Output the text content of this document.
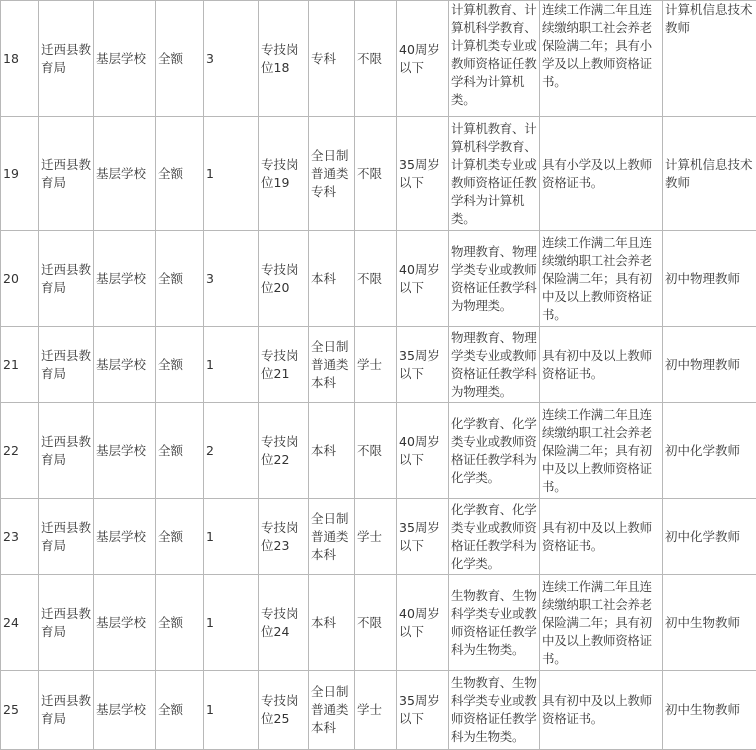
18	迁西县教育局	基层学校	全额	3	专技岗位18	专科	不限	40周岁以下	计算机教育、计算机科学教育、计算机类专业或教师资格证任教学科为计算机类。	连续工作满二年且连续缴纳职工社会养老保险满二年；具有小学及以上教师资格证书。	计算机信息技术教师
19	迁西县教育局	基层学校	全额	1	专技岗位19	全日制普通类专科	不限	35周岁以下	计算机教育、计算机科学教育、计算机类专业或教师资格证任教学科为计算机类。	具有小学及以上教师资格证书。	计算机信息技术教师
20	迁西县教育局	基层学校	全额	3	专技岗位20	本科	不限	40周岁以下	物理教育、物理学类专业或教师资格证任教学科为物理类。	连续工作满二年且连续缴纳职工社会养老保险满二年；具有初中及以上教师资格证书。	初中物理教师
21	迁西县教育局	基层学校	全额	1	专技岗位21	全日制普通类本科	学士	35周岁以下	物理教育、物理学类专业或教师资格证任教学科为物理类。	具有初中及以上教师资格证书。	初中物理教师
22	迁西县教育局	基层学校	全额	2	专技岗位22	本科	不限	40周岁以下	化学教育、化学类专业或教师资格证任教学科为化学类。	连续工作满二年且连续缴纳职工社会养老保险满二年；具有初中及以上教师资格证书。	初中化学教师
23	迁西县教育局	基层学校	全额	1	专技岗位23	全日制普通类本科	学士	35周岁以下	化学教育、化学类专业或教师资格证任教学科为化学类。	具有初中及以上教师资格证书。	初中化学教师
24	迁西县教育局	基层学校	全额	1	专技岗位24	本科	不限	40周岁以下	生物教育、生物科学类专业或教师资格证任教学科为生物类。	连续工作满二年且连续缴纳职工社会养老保险满二年；具有初中及以上教师资格证书。	初中生物教师
25	迁西县教育局	基层学校	全额	1	专技岗位25	全日制普通类本科	学士	35周岁以下	生物教育、生物科学类专业或教师资格证任教学科为生物类。	具有初中及以上教师资格证书。	初中生物教师
